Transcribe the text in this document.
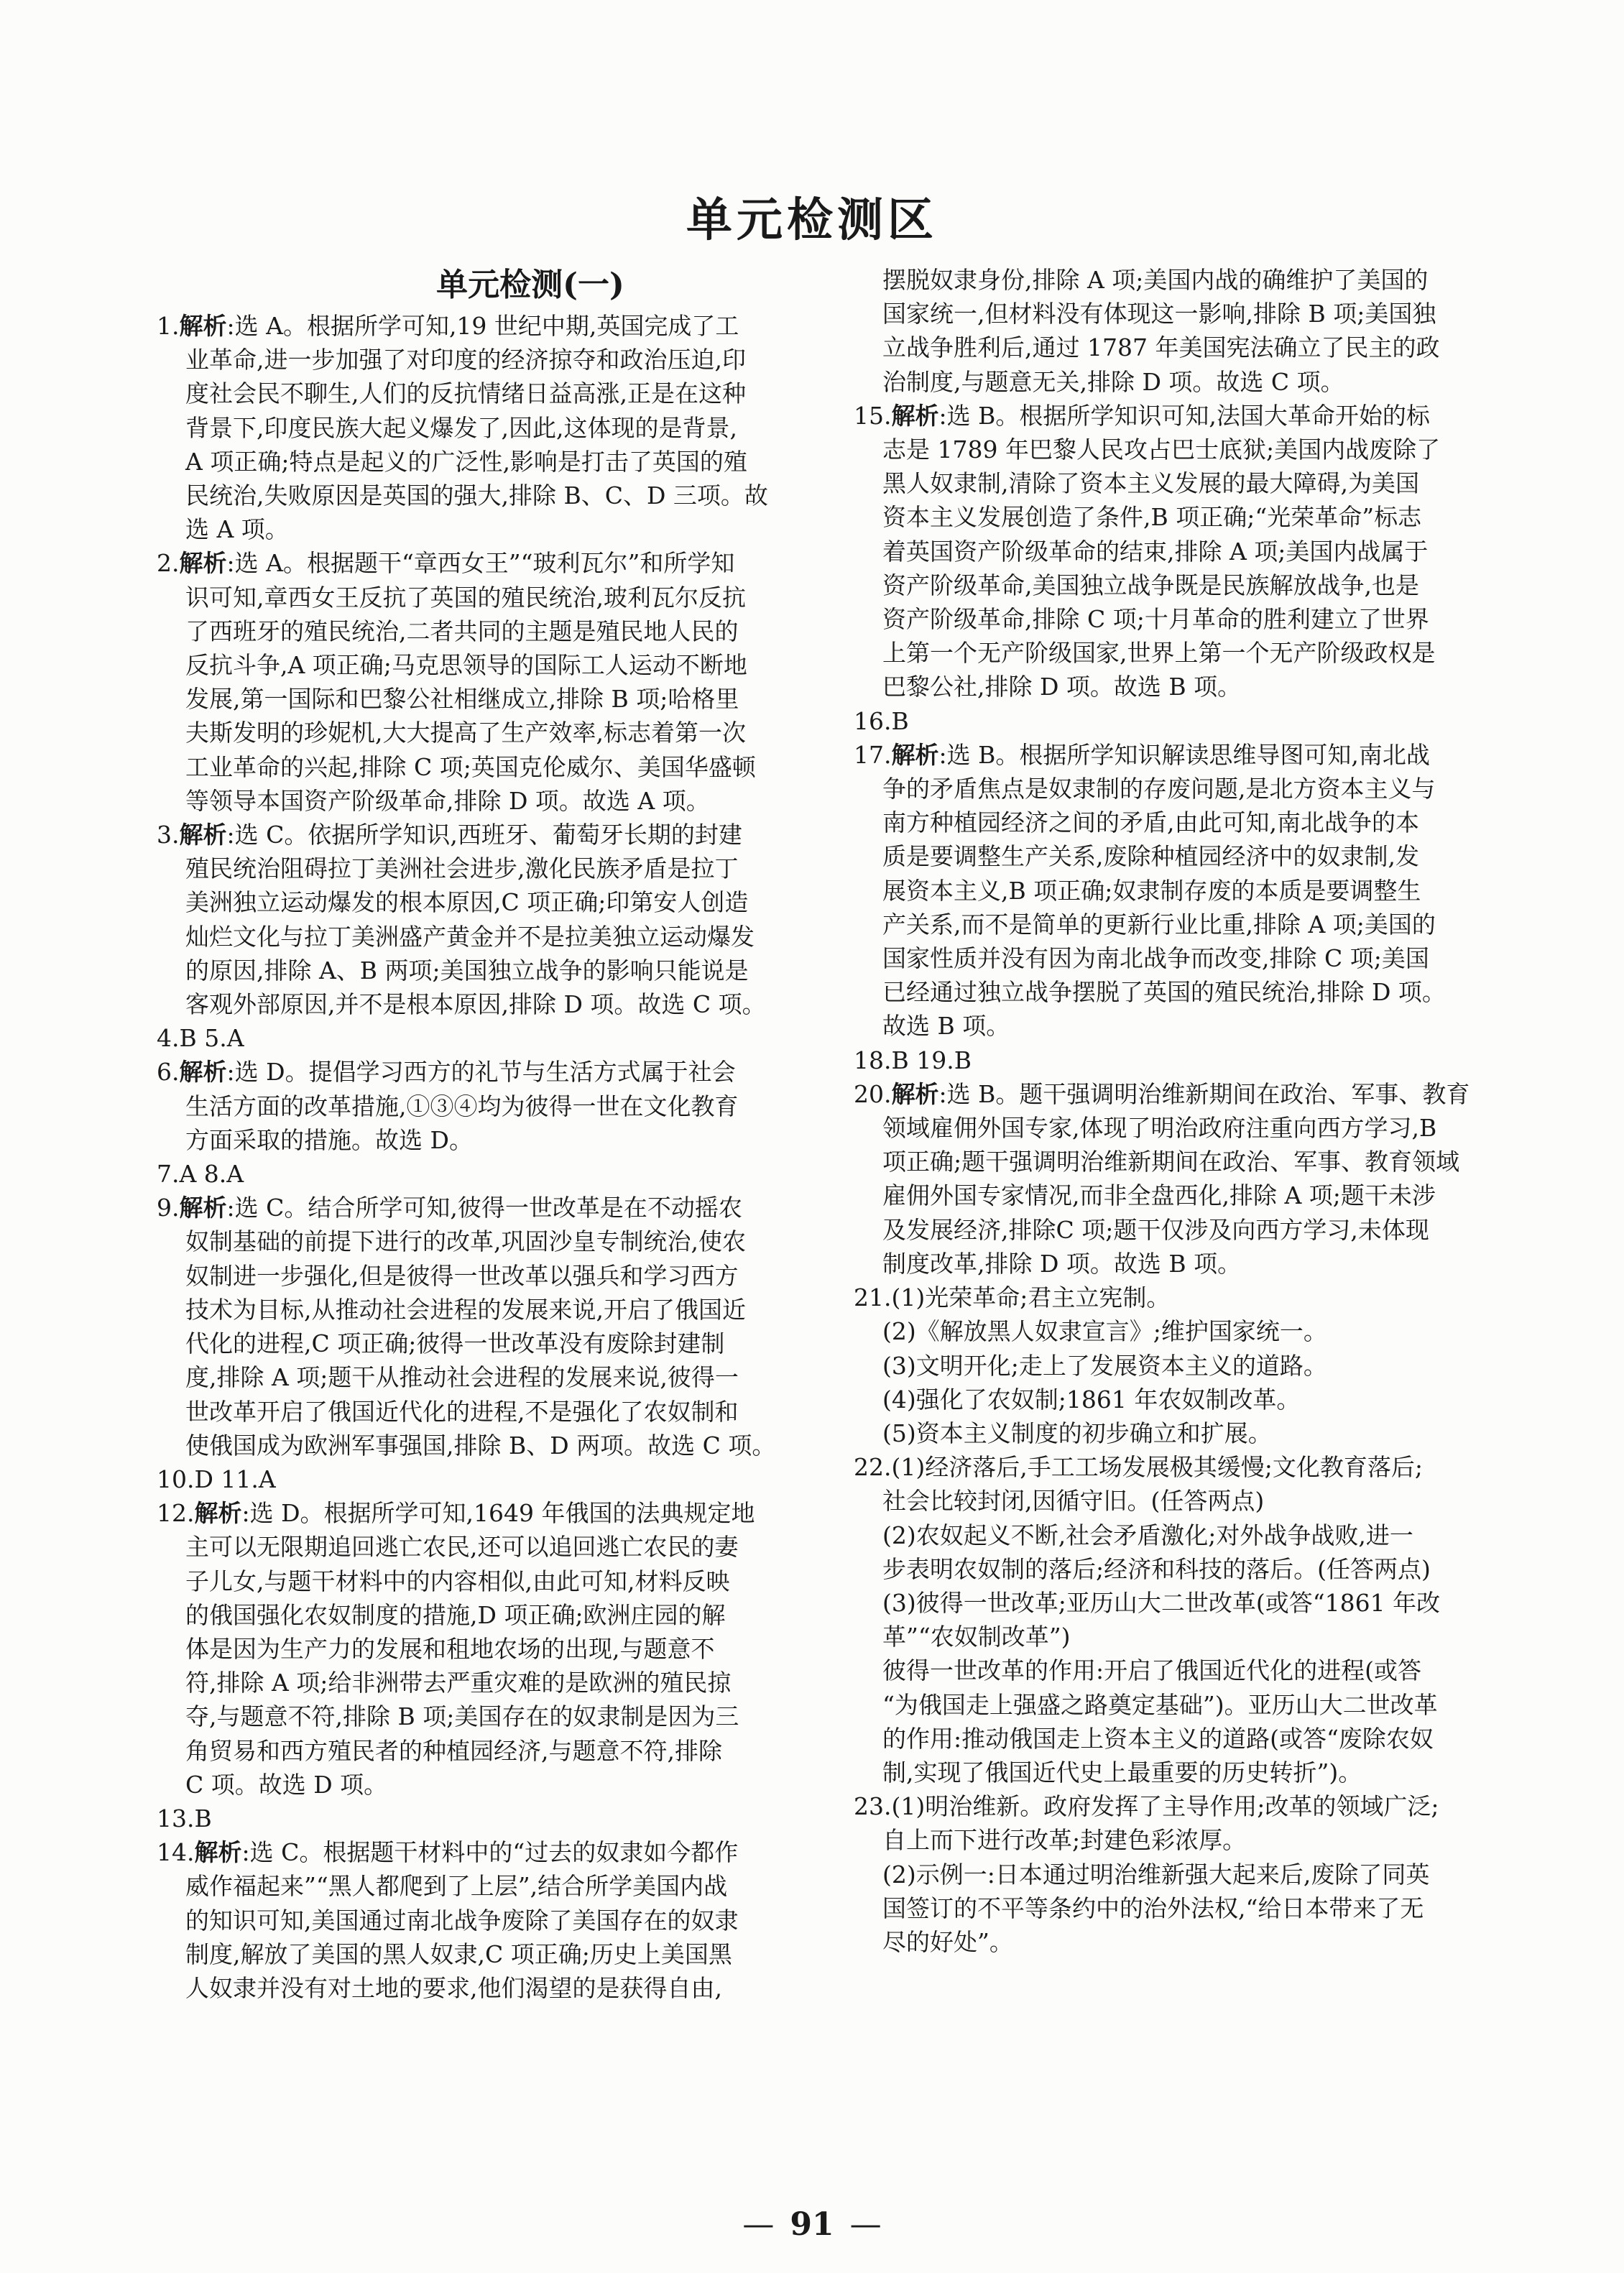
单元检测区
单元检测(一)
1.解析:选 A。根据所学可知,19 世纪中期,英国完成了工
业革命,进一步加强了对印度的经济掠夺和政治压迫,印
度社会民不聊生,人们的反抗情绪日益高涨,正是在这种
背景下,印度民族大起义爆发了,因此,这体现的是背景,
A 项正确;特点是起义的广泛性,影响是打击了英国的殖
民统治,失败原因是英国的强大,排除 B、C、D 三项。故
选 A 项。
2.解析:选 A。根据题干“章西女王”“玻利瓦尔”和所学知
识可知,章西女王反抗了英国的殖民统治,玻利瓦尔反抗
了西班牙的殖民统治,二者共同的主题是殖民地人民的
反抗斗争,A 项正确;马克思领导的国际工人运动不断地
发展,第一国际和巴黎公社相继成立,排除 B 项;哈格里
夫斯发明的珍妮机,大大提高了生产效率,标志着第一次
工业革命的兴起,排除 C 项;英国克伦威尔、美国华盛顿
等领导本国资产阶级革命,排除 D 项。故选 A 项。
3.解析:选 C。依据所学知识,西班牙、葡萄牙长期的封建
殖民统治阻碍拉丁美洲社会进步,激化民族矛盾是拉丁
美洲独立运动爆发的根本原因,C 项正确;印第安人创造
灿烂文化与拉丁美洲盛产黄金并不是拉美独立运动爆发
的原因,排除 A、B 两项;美国独立战争的影响只能说是
客观外部原因,并不是根本原因,排除 D 项。故选 C 项。
4.B 5.A
6.解析:选 D。提倡学习西方的礼节与生活方式属于社会
生活方面的改革措施,①③④均为彼得一世在文化教育
方面采取的措施。故选 D。
7.A 8.A
9.解析:选 C。结合所学可知,彼得一世改革是在不动摇农
奴制基础的前提下进行的改革,巩固沙皇专制统治,使农
奴制进一步强化,但是彼得一世改革以强兵和学习西方
技术为目标,从推动社会进程的发展来说,开启了俄国近
代化的进程,C 项正确;彼得一世改革没有废除封建制
度,排除 A 项;题干从推动社会进程的发展来说,彼得一
世改革开启了俄国近代化的进程,不是强化了农奴制和
使俄国成为欧洲军事强国,排除 B、D 两项。故选 C 项。
10.D 11.A
12.解析:选 D。根据所学可知,1649 年俄国的法典规定地
主可以无限期追回逃亡农民,还可以追回逃亡农民的妻
子儿女,与题干材料中的内容相似,由此可知,材料反映
的俄国强化农奴制度的措施,D 项正确;欧洲庄园的解
体是因为生产力的发展和租地农场的出现,与题意不
符,排除 A 项;给非洲带去严重灾难的是欧洲的殖民掠
夺,与题意不符,排除 B 项;美国存在的奴隶制是因为三
角贸易和西方殖民者的种植园经济,与题意不符,排除
C 项。故选 D 项。
13.B
14.解析:选 C。根据题干材料中的“过去的奴隶如今都作
威作福起来”“黑人都爬到了上层”,结合所学美国内战
的知识可知,美国通过南北战争废除了美国存在的奴隶
制度,解放了美国的黑人奴隶,C 项正确;历史上美国黑
人奴隶并没有对土地的要求,他们渴望的是获得自由,
摆脱奴隶身份,排除 A 项;美国内战的确维护了美国的
国家统一,但材料没有体现这一影响,排除 B 项;美国独
立战争胜利后,通过 1787 年美国宪法确立了民主的政
治制度,与题意无关,排除 D 项。故选 C 项。
15.解析:选 B。根据所学知识可知,法国大革命开始的标
志是 1789 年巴黎人民攻占巴士底狱;美国内战废除了
黑人奴隶制,清除了资本主义发展的最大障碍,为美国
资本主义发展创造了条件,B 项正确;“光荣革命”标志
着英国资产阶级革命的结束,排除 A 项;美国内战属于
资产阶级革命,美国独立战争既是民族解放战争,也是
资产阶级革命,排除 C 项;十月革命的胜利建立了世界
上第一个无产阶级国家,世界上第一个无产阶级政权是
巴黎公社,排除 D 项。故选 B 项。
16.B
17.解析:选 B。根据所学知识解读思维导图可知,南北战
争的矛盾焦点是奴隶制的存废问题,是北方资本主义与
南方种植园经济之间的矛盾,由此可知,南北战争的本
质是要调整生产关系,废除种植园经济中的奴隶制,发
展资本主义,B 项正确;奴隶制存废的本质是要调整生
产关系,而不是简单的更新行业比重,排除 A 项;美国的
国家性质并没有因为南北战争而改变,排除 C 项;美国
已经通过独立战争摆脱了英国的殖民统治,排除 D 项。
故选 B 项。
18.B 19.B
20.解析:选 B。题干强调明治维新期间在政治、军事、教育
领域雇佣外国专家,体现了明治政府注重向西方学习,B
项正确;题干强调明治维新期间在政治、军事、教育领域
雇佣外国专家情况,而非全盘西化,排除 A 项;题干未涉
及发展经济,排除C 项;题干仅涉及向西方学习,未体现
制度改革,排除 D 项。故选 B 项。
21.(1)光荣革命;君主立宪制。
(2)《解放黑人奴隶宣言》;维护国家统一。
(3)文明开化;走上了发展资本主义的道路。
(4)强化了农奴制;1861 年农奴制改革。
(5)资本主义制度的初步确立和扩展。
22.(1)经济落后,手工工场发展极其缓慢;文化教育落后;
社会比较封闭,因循守旧。(任答两点)
(2)农奴起义不断,社会矛盾激化;对外战争战败,进一
步表明农奴制的落后;经济和科技的落后。(任答两点)
(3)彼得一世改革;亚历山大二世改革(或答“1861 年改
革”“农奴制改革”)
彼得一世改革的作用:开启了俄国近代化的进程(或答
“为俄国走上强盛之路奠定基础”)。亚历山大二世改革
的作用:推动俄国走上资本主义的道路(或答“废除农奴
制,实现了俄国近代史上最重要的历史转折”)。
23.(1)明治维新。政府发挥了主导作用;改革的领域广泛;
自上而下进行改革;封建色彩浓厚。
(2)示例一:日本通过明治维新强大起来后,废除了同英
国签订的不平等条约中的治外法权,“给日本带来了无
尽的好处”。
— 91 —
